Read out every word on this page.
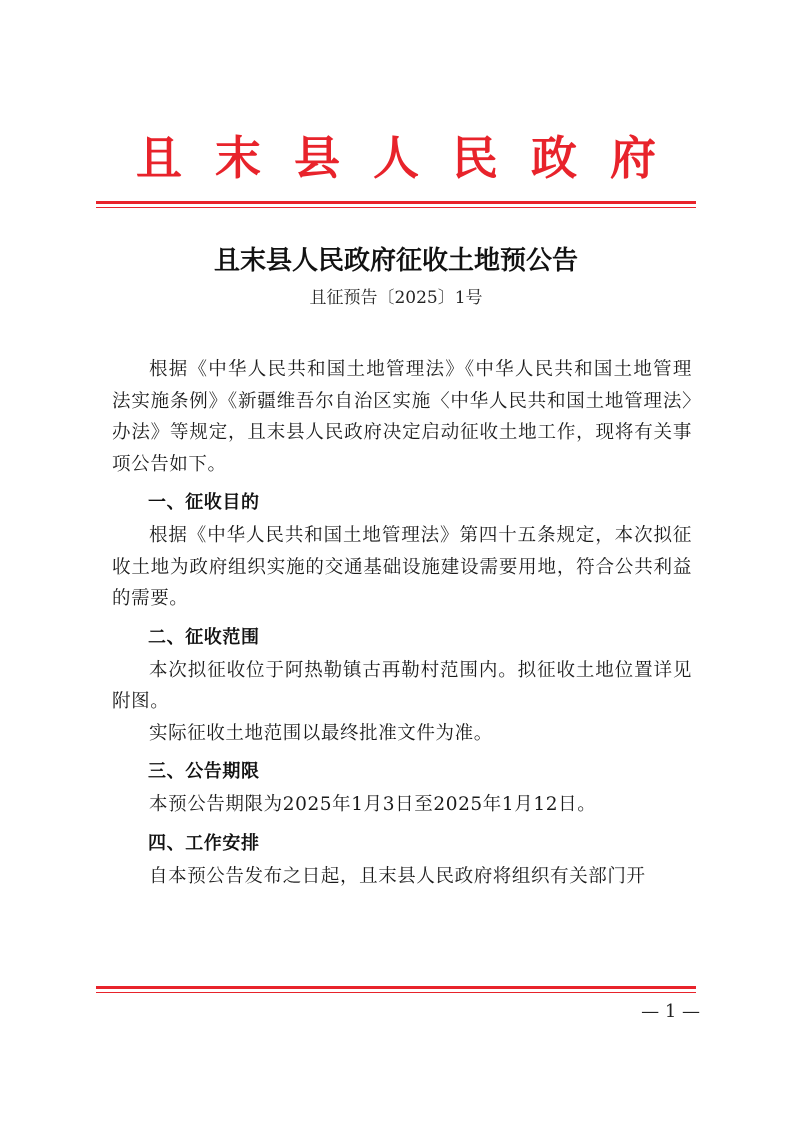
且 末 县 人 民 政 府
且末县人民政府征收土地预公告
且征预告〔2025〕1号

根据《中华人民共和国土地管理法》《中华人民共和国土地管理法实施条例》《新疆维吾尔自治区实施〈中华人民共和国土地管理法〉办法》等规定，且末县人民政府决定启动征收土地工作，现将有关事项公告如下。

一、征收目的

根据《中华人民共和国土地管理法》第四十五条规定，本次拟征收土地为政府组织实施的交通基础设施建设需要用地，符合公共利益的需要。

二、征收范围

本次拟征收位于阿热勒镇古再勒村范围内。拟征收土地位置详见附图。

实际征收土地范围以最终批准文件为准。

三、公告期限

本预公告期限为2025年1月3日至2025年1月12日。

四、工作安排

自本预公告发布之日起，且末县人民政府将组织有关部门开

— 1 —
